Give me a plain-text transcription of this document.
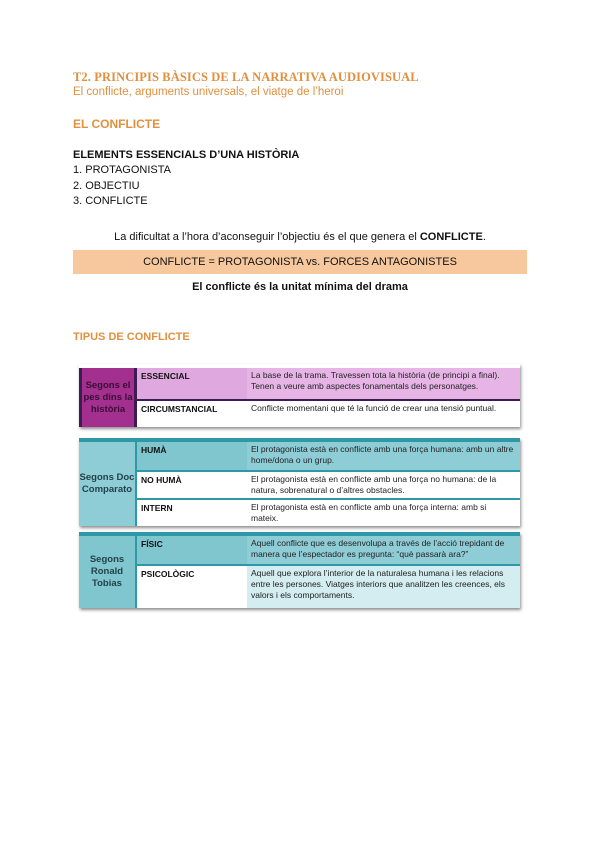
T2. PRINCIPIS BÀSICS DE LA NARRATIVA AUDIOVISUAL
El conflicte, arguments universals, el viatge de l’heroi
EL CONFLICTE
ELEMENTS ESSENCIALS D’UNA HISTÒRIA
1. PROTAGONISTA
2. OBJECTIU
3. CONFLICTE
La dificultat a l’hora d’aconseguir l’objectiu és el que genera el CONFLICTE.
CONFLICTE = PROTAGONISTA vs. FORCES ANTAGONISTES
El conflicte és la unitat mínima del drama
TIPUS DE CONFLICTE
Segons el pes dins la història
ESSENCIAL	La base de la trama. Travessen tota la història (de principi a final). Tenen a veure amb aspectes fonamentals dels personatges.
CIRCUMSTANCIAL	Conflicte momentani que té la funció de crear una tensió puntual.
Segons Doc Comparato
HUMÀ	El protagonista està en conflicte amb una força humana: amb un altre home/dona o un grup.
NO HUMÀ	El protagonista està en conflicte amb una força no humana: de la natura, sobrenatural o d’altres obstacles.
INTERN	El protagonista està en conflicte amb una força interna: amb si mateix.
Segons Ronald Tobias
FÍSIC	Aquell conflicte que es desenvolupa a través de l’acció trepidant de manera que l’espectador es pregunta: “què passarà ara?”
PSICOLÒGIC	Aquell que explora l’interior de la naturalesa humana i les relacions entre les persones. Viatges interiors que analitzen les creences, els valors i els comportaments.
